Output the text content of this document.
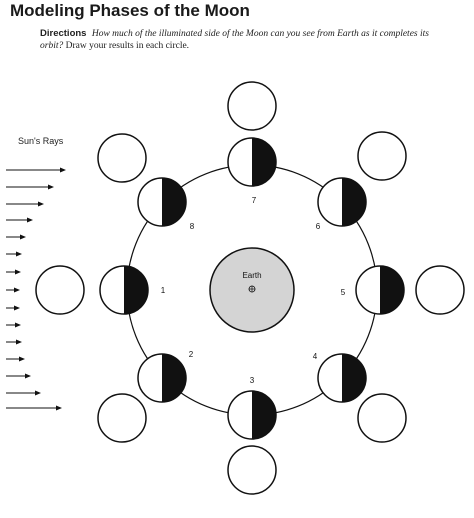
Modeling Phases of the Moon
Directions How much of the illuminated side of the Moon can you see from Earth as it completes its orbit? Draw your results in each circle.
Sun's Rays
Earth
1
2
3
4
5
6
7
8
